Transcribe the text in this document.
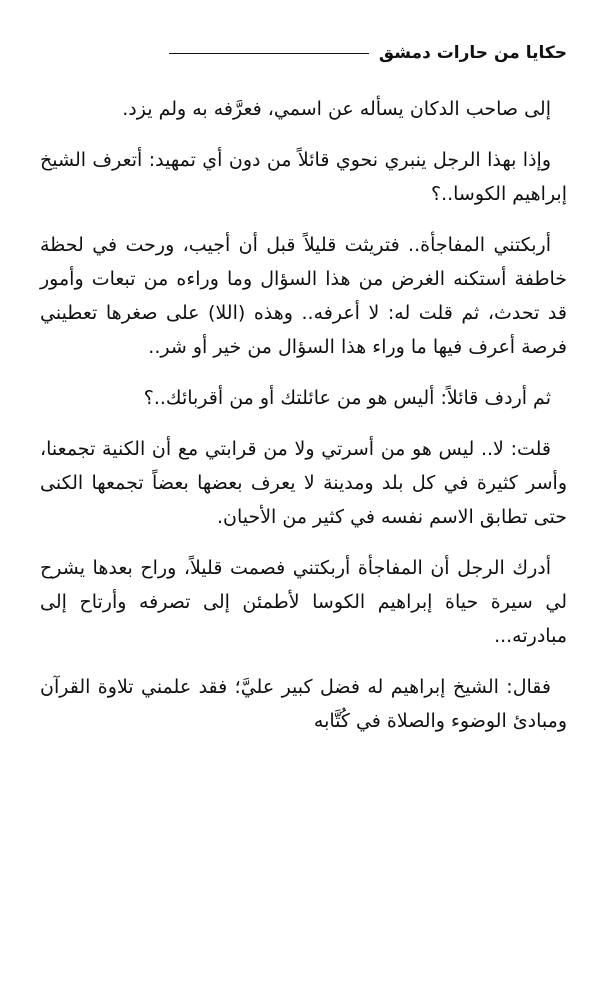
حكايا من حارات دمشق

إلى صاحب الدكان يسأله عن اسمي، فعرَّفه به ولم يزد.

وإذا بهذا الرجل ينبري نحوي قائلاً من دون أي تمهيد: أتعرف الشيخ إبراهيم الكوسا..؟

أربكتني المفاجأة.. فتريثت قليلاً قبل أن أجيب، ورحت في لحظة خاطفة أستكنه الغرض من هذا السؤال وما وراءه من تبعات وأمور قد تحدث، ثم قلت له: لا أعرفه.. وهذه (اللا) على صغرها تعطيني فرصة أعرف فيها ما وراء هذا السؤال من خير أو شر..

ثم أردف قائلاً: أليس هو من عائلتك أو من أقربائك..؟

قلت: لا.. ليس هو من أسرتي ولا من قرابتي مع أن الكنية تجمعنا، وأسر كثيرة في كل بلد ومدينة لا يعرف بعضها بعضاً تجمعها الكنى حتى تطابق الاسم نفسه في كثير من الأحيان.

أدرك الرجل أن المفاجأة أربكتني فصمت قليلاً، وراح بعدها يشرح لي سيرة حياة إبراهيم الكوسا لأطمئن إلى تصرفه وأرتاح إلى مبادرته...

فقال: الشيخ إبراهيم له فضل كبير عليَّ؛ فقد علمني تلاوة القرآن ومبادئ الوضوء والصلاة في كُتَّابه
